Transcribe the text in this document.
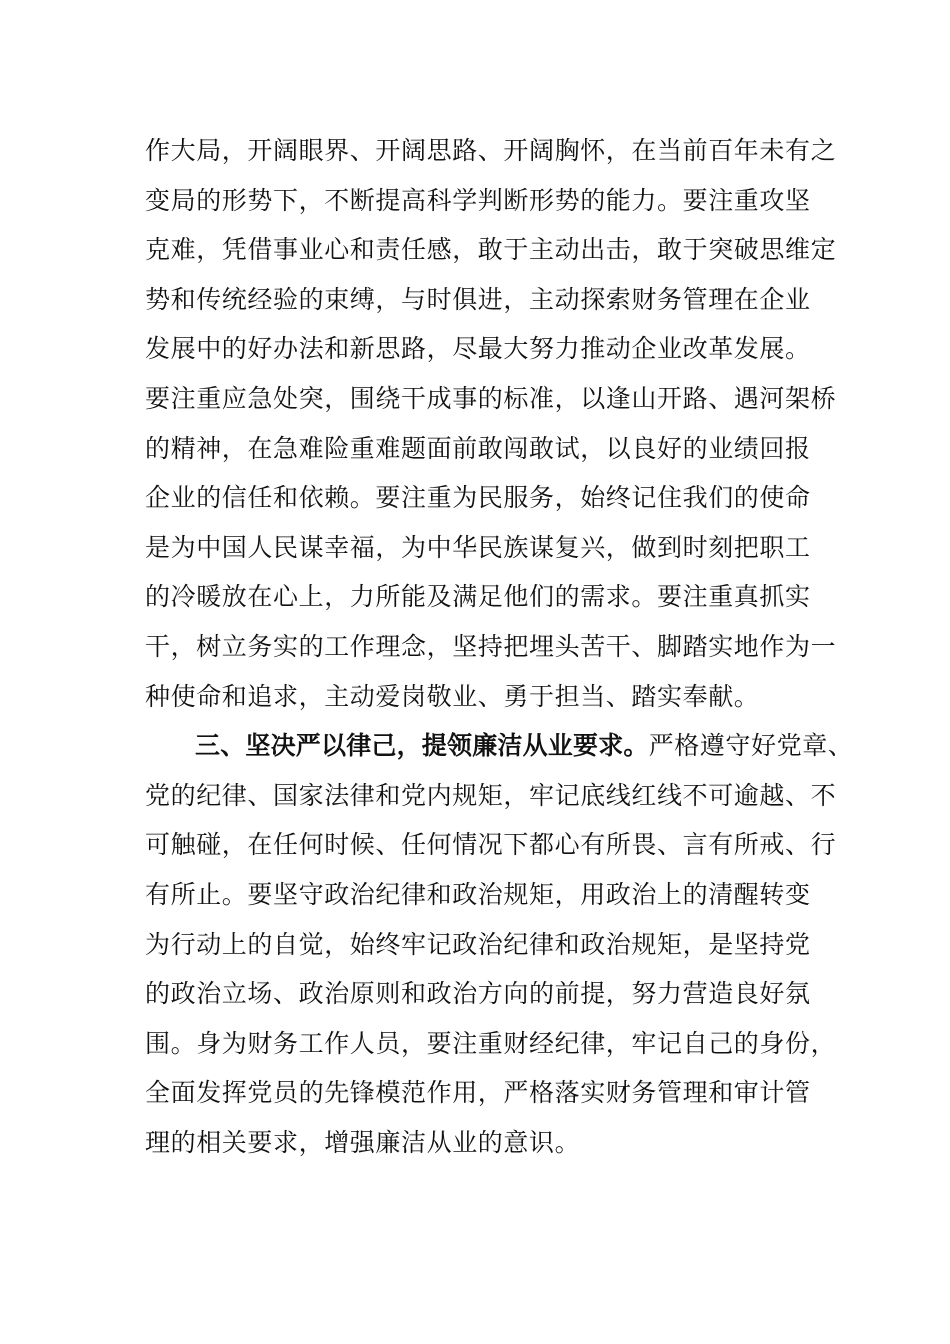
作大局，开阔眼界、开阔思路、开阔胸怀，在当前百年未有之
变局的形势下，不断提高科学判断形势的能力。要注重攻坚
克难，凭借事业心和责任感，敢于主动出击，敢于突破思维定
势和传统经验的束缚，与时俱进，主动探索财务管理在企业
发展中的好办法和新思路，尽最大努力推动企业改革发展。
要注重应急处突，围绕干成事的标准，以逢山开路、遇河架桥
的精神，在急难险重难题面前敢闯敢试，以良好的业绩回报
企业的信任和依赖。要注重为民服务，始终记住我们的使命
是为中国人民谋幸福，为中华民族谋复兴，做到时刻把职工
的冷暖放在心上，力所能及满足他们的需求。要注重真抓实
干，树立务实的工作理念，坚持把埋头苦干、脚踏实地作为一
种使命和追求，主动爱岗敬业、勇于担当、踏实奉献。
三、坚决严以律己，提领廉洁从业要求。严格遵守好党章、
党的纪律、国家法律和党内规矩，牢记底线红线不可逾越、不
可触碰，在任何时候、任何情况下都心有所畏、言有所戒、行
有所止。要坚守政治纪律和政治规矩，用政治上的清醒转变
为行动上的自觉，始终牢记政治纪律和政治规矩，是坚持党
的政治立场、政治原则和政治方向的前提，努力营造良好氛
围。身为财务工作人员，要注重财经纪律，牢记自己的身份，
全面发挥党员的先锋模范作用，严格落实财务管理和审计管
理的相关要求，增强廉洁从业的意识。
